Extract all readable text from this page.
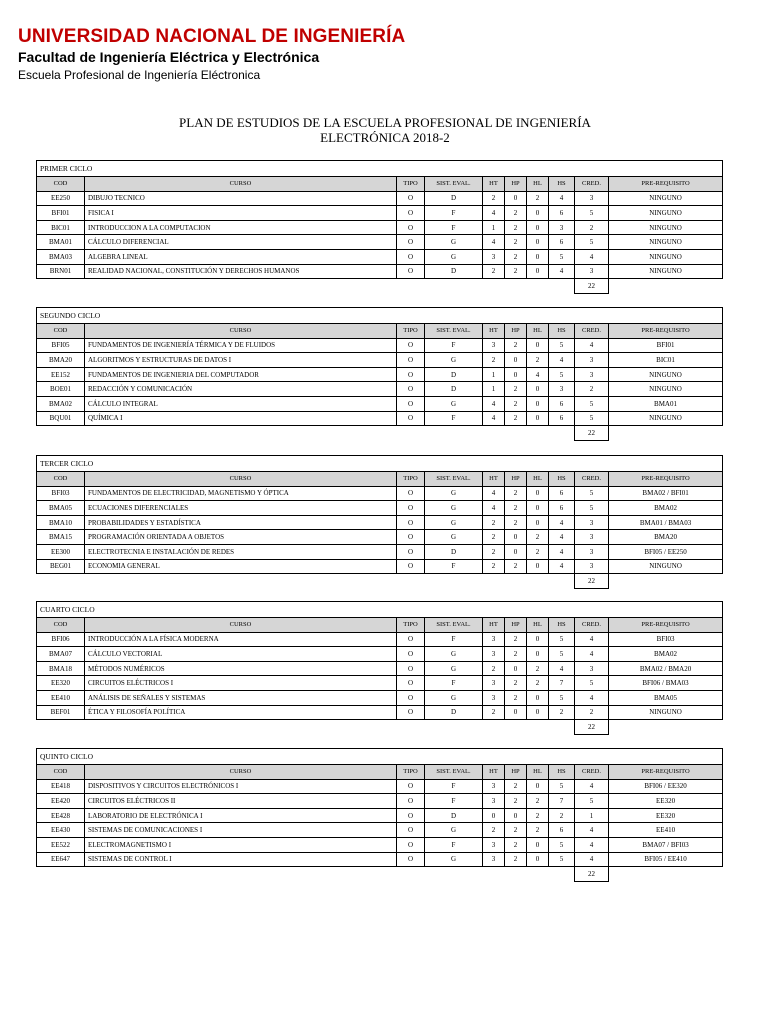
UNIVERSIDAD NACIONAL DE INGENIERÍA
Facultad de Ingeniería Eléctrica y Electrónica
Escuela Profesional de Ingeniería Eléctronica
PLAN DE ESTUDIOS DE LA ESCUELA PROFESIONAL DE INGENIERÍA
ELECTRÓNICA 2018-2
PRIMER CICLO									
COD	CURSO	TIPO	SIST. EVAL.	HT	HP	HL	HS	CRED.	PRE-REQUISITO
EE250	DIBUJO TECNICO	O	D	2	0	2	4	3	NINGUNO
BFI01	FISICA I	O	F	4	2	0	6	5	NINGUNO
BIC01	INTRODUCCION A LA COMPUTACION	O	F	1	2	0	3	2	NINGUNO
BMA01	CÁLCULO DIFERENCIAL	O	G	4	2	0	6	5	NINGUNO
BMA03	ALGEBRA LINEAL	O	G	3	2	0	5	4	NINGUNO
BRN01	REALIDAD NACIONAL, CONSTITUCIÓN Y DERECHOS HUMANOS	O	D	2	2	0	4	3	NINGUNO
								22	
SEGUNDO CICLO									
COD	CURSO	TIPO	SIST. EVAL.	HT	HP	HL	HS	CRED.	PRE-REQUISITO
BFI05	FUNDAMENTOS DE INGENIERÍA TÉRMICA Y DE FLUIDOS	O	F	3	2	0	5	4	BFI01
BMA20	ALGORITMOS Y ESTRUCTURAS DE DATOS I	O	G	2	0	2	4	3	BIC01
EE152	FUNDAMENTOS DE INGENIERIA DEL COMPUTADOR	O	D	1	0	4	5	3	NINGUNO
BOE01	REDACCIÓN Y COMUNICACIÓN	O	D	1	2	0	3	2	NINGUNO
BMA02	CÁLCULO INTEGRAL	O	G	4	2	0	6	5	BMA01
BQU01	QUÍMICA I	O	F	4	2	0	6	5	NINGUNO
								22	
TERCER CICLO									
COD	CURSO	TIPO	SIST. EVAL.	HT	HP	HL	HS	CRED.	PRE-REQUISITO
BFI03	FUNDAMENTOS DE ELECTRICIDAD, MAGNETISMO Y ÓPTICA	O	G	4	2	0	6	5	BMA02 / BFI01
BMA05	ECUACIONES DIFERENCIALES	O	G	4	2	0	6	5	BMA02
BMA10	PROBABILIDADES Y ESTADÍSTICA	O	G	2	2	0	4	3	BMA01 / BMA03
BMA15	PROGRAMACIÓN ORIENTADA A OBJETOS	O	G	2	0	2	4	3	BMA20
EE300	ELECTROTECNIA E INSTALACIÓN DE REDES	O	D	2	0	2	4	3	BFI05 / EE250
BEG01	ECONOMIA GENERAL	O	F	2	2	0	4	3	NINGUNO
								22	
CUARTO CICLO									
COD	CURSO	TIPO	SIST. EVAL.	HT	HP	HL	HS	CRED.	PRE-REQUISITO
BFI06	INTRODUCCIÓN A LA FÍSICA MODERNA	O	F	3	2	0	5	4	BFI03
BMA07	CÁLCULO VECTORIAL	O	G	3	2	0	5	4	BMA02
BMA18	MÉTODOS NUMÉRICOS	O	G	2	0	2	4	3	BMA02 / BMA20
EE320	CIRCUITOS ELÉCTRICOS I	O	F	3	2	2	7	5	BFI06 / BMA03
EE410	ANÁLISIS DE SEÑALES Y SISTEMAS	O	G	3	2	0	5	4	BMA05
BEF01	ÉTICA Y FILOSOFÍA POLÍTICA	O	D	2	0	0	2	2	NINGUNO
								22	
QUINTO CICLO									
COD	CURSO	TIPO	SIST. EVAL.	HT	HP	HL	HS	CRED.	PRE-REQUISITO
EE418	DISPOSITIVOS Y CIRCUITOS ELECTRÓNICOS I	O	F	3	2	0	5	4	BFI06 / EE320
EE420	CIRCUITOS ELÉCTRICOS II	O	F	3	2	2	7	5	EE320
EE428	LABORATORIO DE ELECTRÓNICA I	O	D	0	0	2	2	1	EE320
EE430	SISTEMAS DE COMUNICACIONES I	O	G	2	2	2	6	4	EE410
EE522	ELECTROMAGNETISMO I	O	F	3	2	0	5	4	BMA07 / BFI03
EE647	SISTEMAS DE CONTROL I	O	G	3	2	0	5	4	BFI05 / EE410
								22	
